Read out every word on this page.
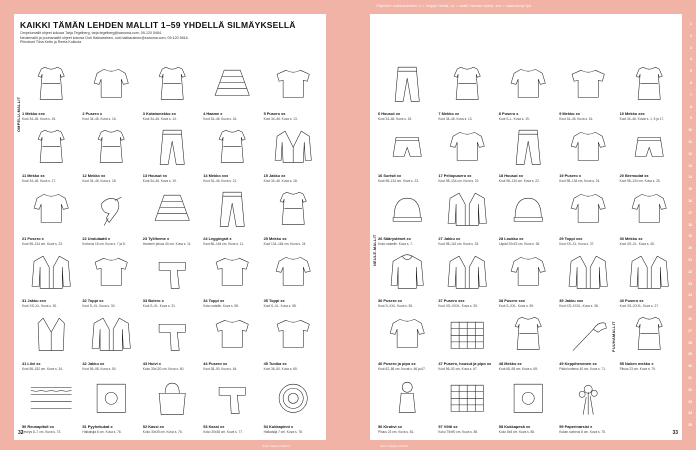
Ohjeiden vaikeusasteet: x = helppo tehdä, xx = vaatii hieman taitoa, xxx = vaativampi työ
KAIKKI TÄMÄN LEHDEN MALLIT 1–59 YHDELLÄ SILMÄYKSELLÄ
Ompelumallit ohjeet kokosa Tarja Tegelberg, tarja.tegelberg@sanoma.com, 09-120 5464.
Neulemallit ja puuhamallit ohjeet kokosa Outi Hakkarainen, outi.hakkarainen@sanoma.com, 09-120 5816.
Piirrokset Tiina Kettu ja Reeta Kukkola
OMPELU-MALLIT 1 Mekko xxx
Koot 34–46. Kuva s. 15.
2 Pusero x
Koot 34–46. Kuva s. 16.
3 Kotalomekko xx
Koot 34–46. Kuva s. 14.
4 Haame x
Koot 34–46. Kuva s. 16.
5 Pusero xx
Koot 34–46. Kuva s. 13.
11 Mekko xx
Koot 34–46. Kuva s. 17.
12 Mekko xx
Koot 34–46. Kuva s. 18.
13 Housut xx
Koot 34–46. Kuva s. 19.
14 Mekko xxx
Koot 34–46. Kuva s. 21.
15 Jakku xx
Koot 34–46. Kuva s. 18.
21 Pusero x
Koot 98–134 cm. Kuva s. 23.
22 Undulaatti x
Korkeus 15 cm. Kuva s. 7 ja 8.
23 Tylliheme x
Hameen pituus 40 cm. Kuva s. 11.
24 Leggingsit x
Koot 86–164 cm. Kuva s. 11.
25 Mekko xx
Koot 134–164 cm. Kuva s. 24.
31 Jakku xxx
Koot XS–XL. Kuva s. 30.
32 Toppi xx
Koot S–XL. Kuva s. 30.
33 Bolero x
Koot S–XL. Kuva s. 31.
34 Toppi xx
Koko naisille. Kuva s. 58.
35 Toppi xx
Koot S–XL. Kuva s. 58.
41 Liivi xx
Koot 98–152 cm. Kuva s. 34.
42 Jakku xx
Koot 56–98. Kuva s. 50.
43 Huivi x
Koko 30x120 cm. Kuva s. 60.
44 Pusero xx
Koot 38–50. Kuva s. 64.
45 Tunika xx
Koot 36–50. Kuva s. 65.
50 Reunapitsit xx
Leveys 8–7 cm. Kuva s. 73.
51 Pyyhekukat x
Halkaisija 6 cm. Kuva s. 76.
52 Kassi xx
Koko 30x35 cm. Kuva s. 76.
53 Kassi xx
Koko 30x38 cm. Kuva s. 77.
54 Kukkapinni x
Halkaisija 7 cm. Kuva s. 78.
32
NEULE-MALLIT
PUUHAMALLIT
6 Housut xx
Koot 34–46. Kuva s. 15.
7 Mekko xx
Koot 34–46. Kuva s. 13.
8 Pusero x
Koot S–L. Kuva s. 19.
9 Mekko xx
Koot 34–46. Kuva s. 16.
10 Mekko xxx
Koot 34–46. Kuvat s. 1, 5 ja 17.
16 Sortsit xx
Koot 98–134 cm. Kuva s. 23.
17 Pellopusero xx
Koot 98–134 cm. Kuva s. 22.
18 Housut xx
Koot 98–134 cm. Kuva s. 22.
19 Pusero x
Koot 98–134 cm. Kuva s. 24.
20 Bermudat xx
Koot 98–134 cm. Kuva s. 25.
26 Säärystimet xx
Koko naiselle. Kuva s. 7.
27 Jakku xx
Koot 98–116 cm. Kuva s. 33.
28 Loukku xx
Läpäd 20x15 cm. Kuva s. 36.
29 Toppi xxx
Koot XS–XL. Kuva s. 37.
30 Mekko xx
Koot XS–XL. Kuva s. 45.
36 Pusero xx
Koot S–XXL. Kuva s. 50.
37 Pusero xxx
Koot XS–XXXL. Kuva s. 39.
38 Pusero xxx
Koot S–XXL. Kuva s. 59.
39 Jakku xxx
Koot XS–XXXL. Kuva s. 38.
40 Pusero xx
Koot XS–XXXL. Kuva s. 27.
46 Pusero ja pipo xx
Koot 62–86 cm. Kuvat s. 66 ja 67.
47 Pusero, housut ja pipo xx
Koot 56–92 cm. Kuva s. 67.
48 Mekko xx
Koot 68–98 cm. Kuva s. 69.
49 Keppihevonen xx
Pään korkeus 40 cm. Kuva s. 71.
55 Nuken mekko x
Pituus 23 cm. Kuva s. 79.
56 Kirahvi xx
Pituus 23 cm. Kuva s. 81.
57 Viltti xx
Koko 75x90 cm. Kuva s. 85.
58 Kukkapesä xx
Koko 8x8 cm. Kuva s. 88.
59 Paperinarsisi x
Kukan korkeus 8 cm. Kuva s. 75.	33
Suuri Käsityö 4/2014	Suuri Käsityö 4/2014
1
2
3
4
5
6
7
8
9
10
11
12
13
14
15
16
17
18
19
20
21
22
23
24
25
26
27
28
29
30
31
32
33
34
35
